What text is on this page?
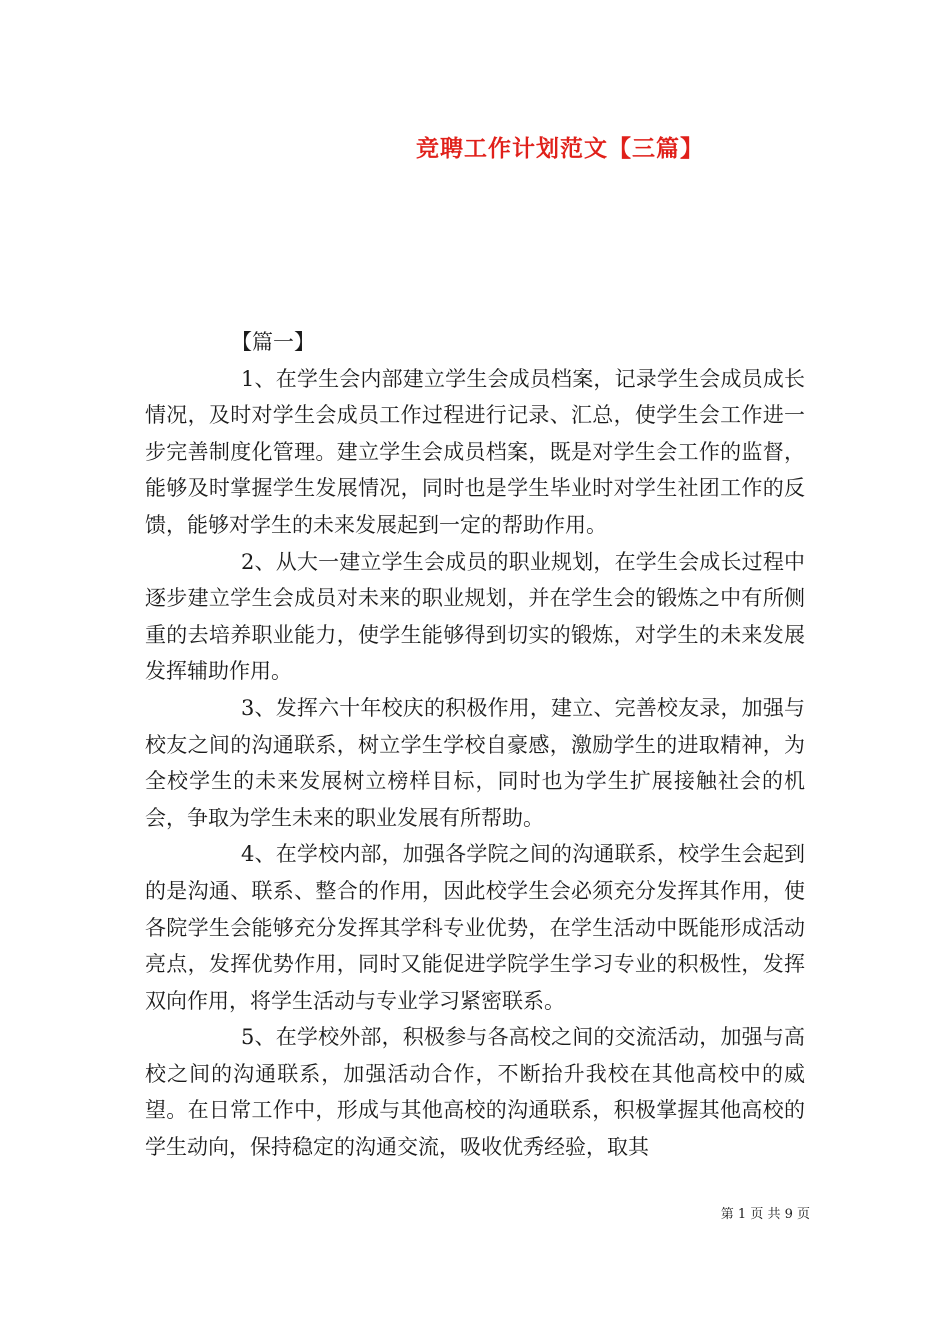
竞聘工作计划范文【三篇】

【篇一】

1、在学生会内部建立学生会成员档案，记录学生会成员成长情况，及时对学生会成员工作过程进行记录、汇总，使学生会工作进一步完善制度化管理。建立学生会成员档案，既是对学生会工作的监督，能够及时掌握学生发展情况，同时也是学生毕业时对学生社团工作的反馈，能够对学生的未来发展起到一定的帮助作用。

2、从大一建立学生会成员的职业规划，在学生会成长过程中逐步建立学生会成员对未来的职业规划，并在学生会的锻炼之中有所侧重的去培养职业能力，使学生能够得到切实的锻炼，对学生的未来发展发挥辅助作用。

3、发挥六十年校庆的积极作用，建立、完善校友录，加强与校友之间的沟通联系，树立学生学校自豪感，激励学生的进取精神，为全校学生的未来发展树立榜样目标，同时也为学生扩展接触社会的机会，争取为学生未来的职业发展有所帮助。

4、在学校内部，加强各学院之间的沟通联系，校学生会起到的是沟通、联系、整合的作用，因此校学生会必须充分发挥其作用，使各院学生会能够充分发挥其学科专业优势，在学生活动中既能形成活动亮点，发挥优势作用，同时又能促进学院学生学习专业的积极性，发挥双向作用，将学生活动与专业学习紧密联系。

5、在学校外部，积极参与各高校之间的交流活动，加强与高校之间的沟通联系，加强活动合作，不断抬升我校在其他高校中的威望。在日常工作中，形成与其他高校的沟通联系，积极掌握其他高校的学生动向，保持稳定的沟通交流，吸收优秀经验，取其

第 1 页 共 9 页
